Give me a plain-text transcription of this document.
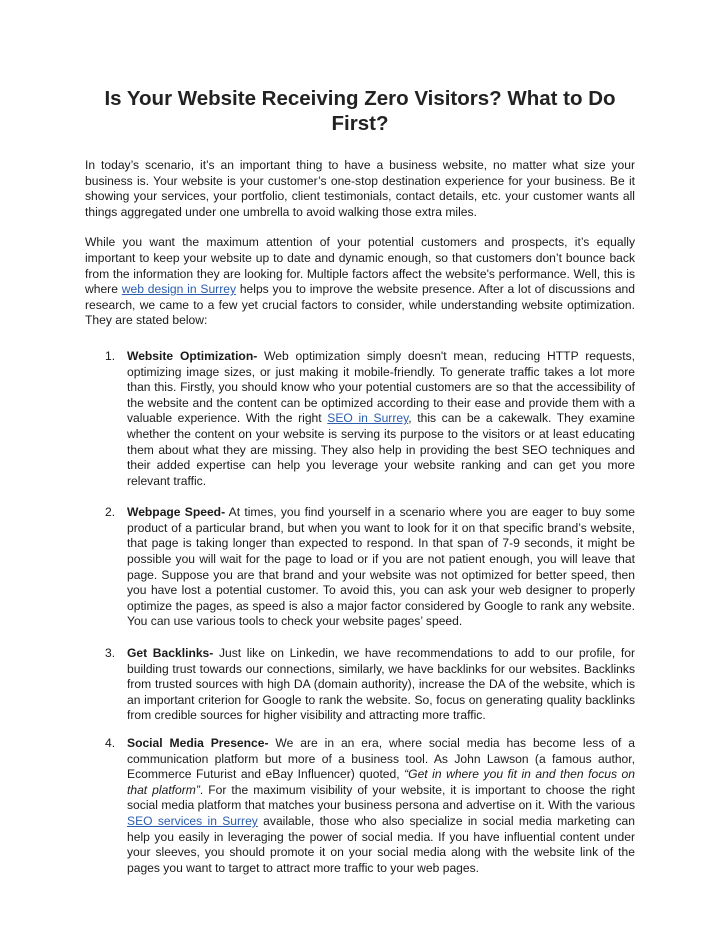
Is Your Website Receiving Zero Visitors? What to Do First?

In today’s scenario, it’s an important thing to have a business website, no matter what size your business is. Your website is your customer’s one-stop destination experience for your business. Be it showing your services, your portfolio, client testimonials, contact details, etc. your customer wants all things aggregated under one umbrella to avoid walking those extra miles.

While you want the maximum attention of your potential customers and prospects, it’s equally important to keep your website up to date and dynamic enough, so that customers don’t bounce back from the information they are looking for. Multiple factors affect the website's performance. Well, this is where web design in Surrey helps you to improve the website presence. After a lot of discussions and research, we came to a few yet crucial factors to consider, while understanding website optimization. They are stated below:

1. Website Optimization- Web optimization simply doesn't mean, reducing HTTP requests, optimizing image sizes, or just making it mobile-friendly. To generate traffic takes a lot more than this. Firstly, you should know who your potential customers are so that the accessibility of the website and the content can be optimized according to their ease and provide them with a valuable experience. With the right SEO in Surrey, this can be a cakewalk. They examine whether the content on your website is serving its purpose to the visitors or at least educating them about what they are missing. They also help in providing the best SEO techniques and their added expertise can help you leverage your website ranking and can get you more relevant traffic.
2. Webpage Speed- At times, you find yourself in a scenario where you are eager to buy some product of a particular brand, but when you want to look for it on that specific brand’s website, that page is taking longer than expected to respond. In that span of 7-9 seconds, it might be possible you will wait for the page to load or if you are not patient enough, you will leave that page. Suppose you are that brand and your website was not optimized for better speed, then you have lost a potential customer. To avoid this, you can ask your web designer to properly optimize the pages, as speed is also a major factor considered by Google to rank any website. You can use various tools to check your website pages’ speed.
3. Get Backlinks- Just like on Linkedin, we have recommendations to add to our profile, for building trust towards our connections, similarly, we have backlinks for our websites. Backlinks from trusted sources with high DA (domain authority), increase the DA of the website, which is an important criterion for Google to rank the website. So, focus on generating quality backlinks from credible sources for higher visibility and attracting more traffic.
4. Social Media Presence- We are in an era, where social media has become less of a communication platform but more of a business tool. As John Lawson (a famous author, Ecommerce Futurist and eBay Influencer) quoted, “Get in where you fit in and then focus on that platform”. For the maximum visibility of your website, it is important to choose the right social media platform that matches your business persona and advertise on it. With the various SEO services in Surrey available, those who also specialize in social media marketing can help you easily in leveraging the power of social media. If you have influential content under your sleeves, you should promote it on your social media along with the website link of the pages you want to target to attract more traffic to your web pages.
